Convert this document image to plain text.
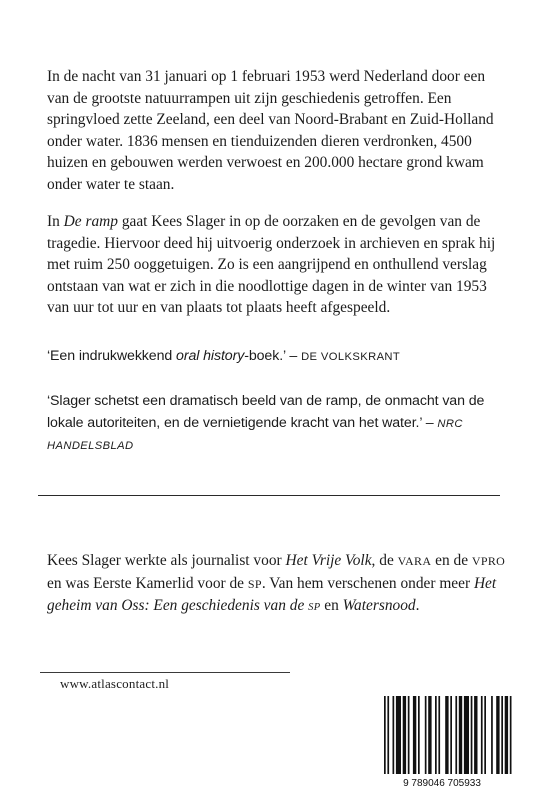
In de nacht van 31 januari op 1 februari 1953 werd Nederland door een van de grootste natuurrampen uit zijn geschiedenis getroffen. Een springvloed zette Zeeland, een deel van Noord-Brabant en Zuid-Holland onder water. 1836 mensen en tienduizenden dieren verdronken, 4500 huizen en gebouwen werden verwoest en 200.000 hectare grond kwam onder water te staan.

In De ramp gaat Kees Slager in op de oorzaken en de gevolgen van de tragedie. Hiervoor deed hij uitvoerig onderzoek in archieven en sprak hij met ruim 250 ooggetuigen. Zo is een aangrijpend en onthullend verslag ontstaan van wat er zich in die noodlottige dagen in de winter van 1953 van uur tot uur en van plaats tot plaats heeft afgespeeld.

‘Een indrukwekkend oral history-boek.’ – DE VOLKSKRANT

‘Slager schetst een dramatisch beeld van de ramp, de onmacht van de lokale autoriteiten, en de vernietigende kracht van het water.’ – NRC HANDELSBLAD

Kees Slager werkte als journalist voor Het Vrije Volk, de VARA en de VPRO en was Eerste Kamerlid voor de SP. Van hem verschenen onder meer Het geheim van Oss: Een geschiedenis van de SP en Watersnood.

www.atlascontact.nl
9 789046 705933
